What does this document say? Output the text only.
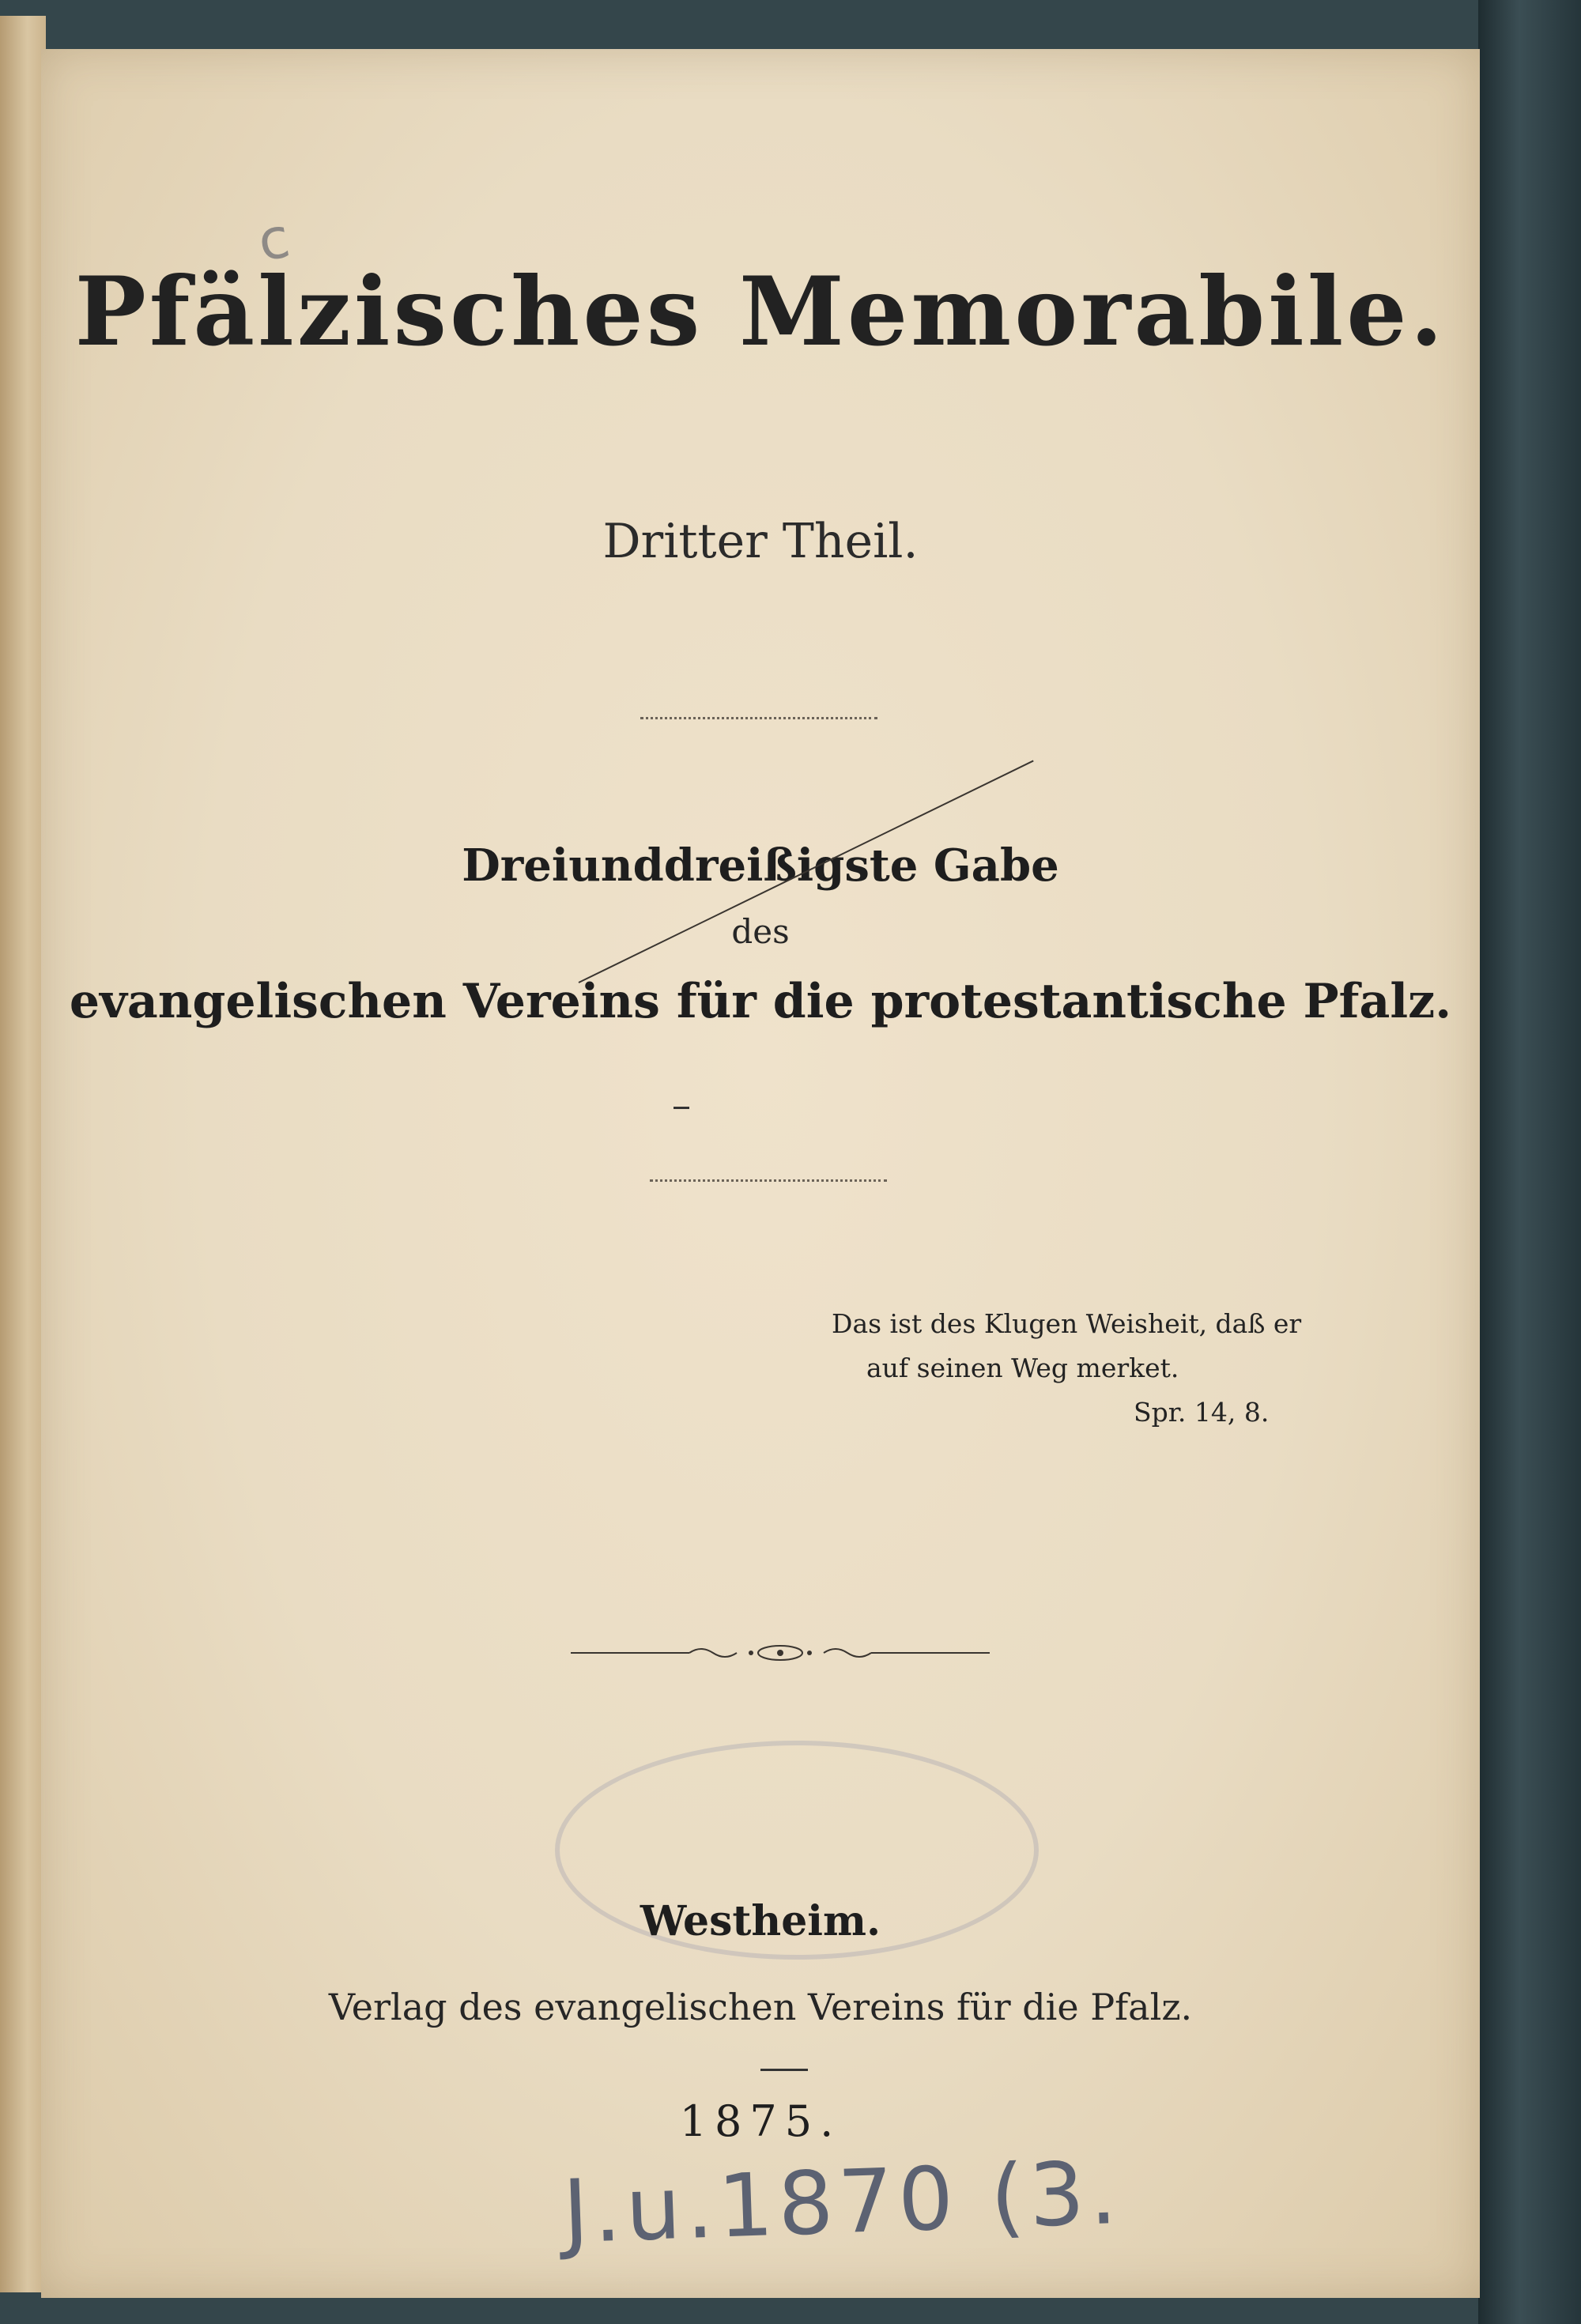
c
Pfälzisches Memorabile.
Dritter Theil.
Dreiunddreißigste Gabe
des
evangelischen Vereins für die protestantische Pfalz.
Das ist des Klugen Weisheit, daß er
auf seinen Weg merket.
Spr. 14, 8.
Westheim.
Verlag des evangelischen Vereins für die Pfalz.
1875.
J.u.1870 (3.
